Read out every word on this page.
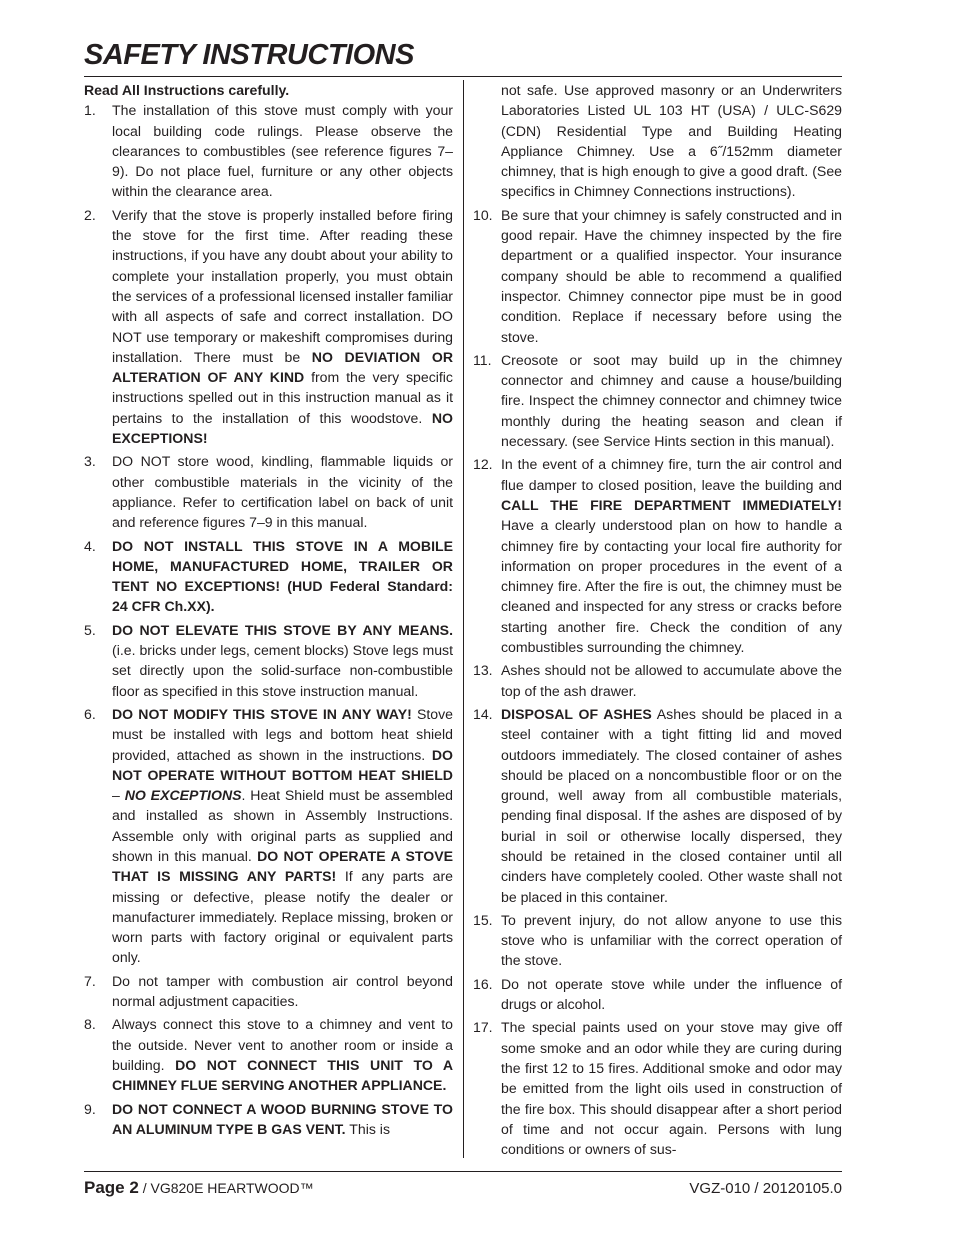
SAFETY INSTRUCTIONS

Read All Instructions carefully.

1. The installation of this stove must comply with your local building code rulings. Please observe the clearances to combustibles (see reference figures 7–9). Do not place fuel, furniture or any other objects within the clearance area.

2. Verify that the stove is properly installed before firing the stove for the first time. After reading these instructions, if you have any doubt about your ability to complete your installation properly, you must obtain the services of a professional licensed installer familiar with all aspects of safe and correct installation. DO NOT use temporary or makeshift compromises during installation. There must be NO DEVIATION OR ALTERATION OF ANY KIND from the very specific instructions spelled out in this instruction manual as it pertains to the installation of this woodstove. NO EXCEPTIONS!

3. DO NOT store wood, kindling, flammable liquids or other combustible materials in the vicinity of the appliance. Refer to certification label on back of unit and reference figures 7–9 in this manual.

4. DO NOT INSTALL THIS STOVE IN A MOBILE HOME, MANUFACTURED HOME, TRAILER OR TENT NO EXCEPTIONS! (HUD Federal Standard: 24 CFR Ch.XX).

5. DO NOT ELEVATE THIS STOVE BY ANY MEANS. (i.e. bricks under legs, cement blocks) Stove legs must set directly upon the solid-surface non-combustible floor as specified in this stove instruction manual.

6. DO NOT MODIFY THIS STOVE IN ANY WAY! Stove must be installed with legs and bottom heat shield provided, attached as shown in the instructions. DO NOT OPERATE WITHOUT BOTTOM HEAT SHIELD – NO EXCEPTIONS. Heat Shield must be assembled and installed as shown in Assembly Instructions. Assemble only with original parts as supplied and shown in this manual. DO NOT OPERATE A STOVE THAT IS MISSING ANY PARTS! If any parts are missing or defective, please notify the dealer or manufacturer immediately. Replace missing, broken or worn parts with factory original or equivalent parts only.

7. Do not tamper with combustion air control beyond normal adjustment capacities.

8. Always connect this stove to a chimney and vent to the outside. Never vent to another room or inside a building. DO NOT CONNECT THIS UNIT TO A CHIMNEY FLUE SERVING ANOTHER APPLIANCE.

9. DO NOT CONNECT A WOOD BURNING STOVE TO AN ALUMINUM TYPE B GAS VENT. This is

not safe. Use approved masonry or an Underwriters Laboratories Listed UL 103 HT (USA) / ULC-S629 (CDN) Residential Type and Building Heating Appliance Chimney. Use a 6˝/152mm diameter chimney, that is high enough to give a good draft. (See specifics in Chimney Connections instructions).

10. Be sure that your chimney is safely constructed and in good repair. Have the chimney inspected by the fire department or a qualified inspector. Your insurance company should be able to recommend a qualified inspector. Chimney connector pipe must be in good condition. Replace if necessary before using the stove.

11. Creosote or soot may build up in the chimney connector and chimney and cause a house/building fire. Inspect the chimney connector and chimney twice monthly during the heating season and clean if necessary. (see Service Hints section in this manual).

12. In the event of a chimney fire, turn the air control and flue damper to closed position, leave the building and CALL THE FIRE DEPARTMENT IMMEDIATELY! Have a clearly understood plan on how to handle a chimney fire by contacting your local fire authority for information on proper procedures in the event of a chimney fire. After the fire is out, the chimney must be cleaned and inspected for any stress or cracks before starting another fire. Check the condition of any combustibles surrounding the chimney.

13. Ashes should not be allowed to accumulate above the top of the ash drawer.

14. DISPOSAL OF ASHES Ashes should be placed in a steel container with a tight fitting lid and moved outdoors immediately. The closed container of ashes should be placed on a noncombustible floor or on the ground, well away from all combustible materials, pending final disposal. If the ashes are disposed of by burial in soil or otherwise locally dispersed, they should be retained in the closed container until all cinders have completely cooled. Other waste shall not be placed in this container.

15. To prevent injury, do not allow anyone to use this stove who is unfamiliar with the correct operation of the stove.

16. Do not operate stove while under the influence of drugs or alcohol.

17. The special paints used on your stove may give off some smoke and an odor while they are curing during the first 12 to 15 fires. Additional smoke and odor may be emitted from the light oils used in construction of the fire box. This should disappear after a short period of time and not occur again. Persons with lung conditions or owners of sus-

Page 2 / VG820E HEARTWOOD™	VGZ-010 / 20120105.0
